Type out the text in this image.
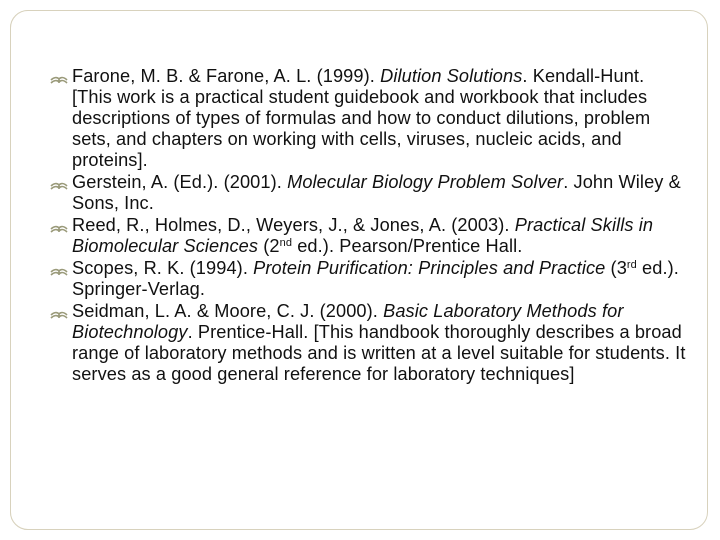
Farone, M. B. & Farone, A. L. (1999). Dilution Solutions. Kendall-Hunt. [This work is a practical student guidebook and workbook that includes descriptions of types of formulas and how to conduct dilutions, problem sets, and chapters on working with cells, viruses, nucleic acids, and proteins].
Gerstein, A. (Ed.). (2001). Molecular Biology Problem Solver. John Wiley & Sons, Inc.
Reed, R., Holmes, D., Weyers, J., & Jones, A. (2003). Practical Skills in Biomolecular Sciences (2nd ed.). Pearson/Prentice Hall.
Scopes, R. K. (1994). Protein Purification: Principles and Practice (3rd ed.). Springer-Verlag.
Seidman, L. A. & Moore, C. J. (2000). Basic Laboratory Methods for Biotechnology. Prentice-Hall. [This handbook thoroughly describes a broad range of laboratory methods and is written at a level suitable for students. It serves as a good general reference for laboratory techniques]
